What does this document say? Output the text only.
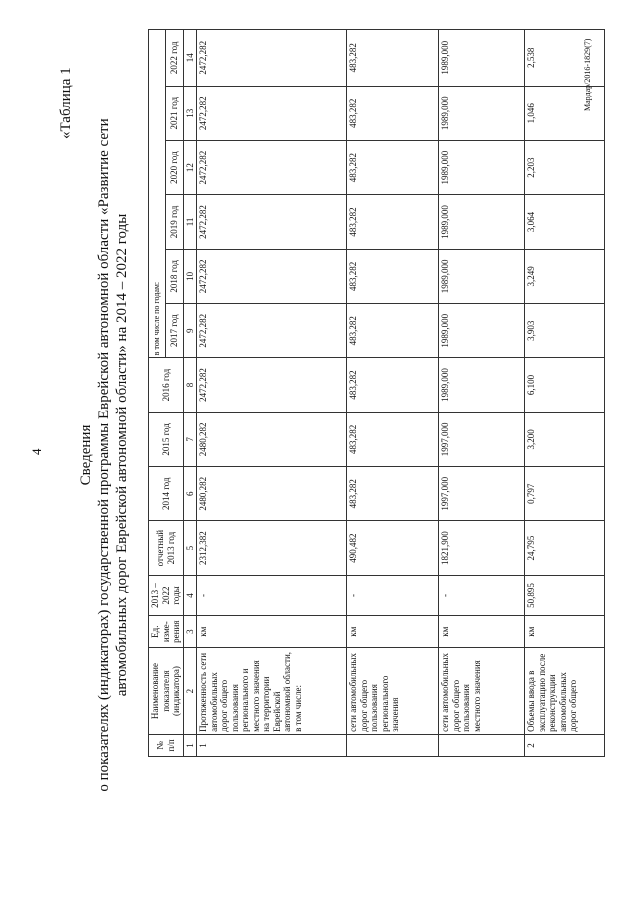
4
«Таблица 1
Сведения о показателях (индикаторах) государственной программы Еврейской автономной области «Развитие сети автомобильных дорог Еврейской автономной области» на 2014 – 2022 годы
№ п/п	Наименование показателя (индикатора)	Ед. изме-рения	2013 – 2022 годы	отчетный 2013 год	2014 год	2015 год	2016 год	в том числе по годам:					
								2017 год	2018 год	2019 год	2020 год	2021 год	2022 год
1	2	3	4	5	6	7	8	9	10	11	12	13	14
1	Протяженность сети автомобильных дорог общего пользования регионального и местного значения на территории Еврейской автономной области, в том числе:	км	-	2312,382	2480,282	2480,282	2472,282	2472,282	2472,282	2472,282	2472,282	2472,282	2472,282
	сети автомобильных дорог общего пользования регионального значения	км	-	490,482	483,282	483,282	483,282	483,282	483,282	483,282	483,282	483,282	483,282
	сети автомобильных дорог общего пользования местного значения	км	-	1821,900	1997,000	1997,000	1989,000	1989,000	1989,000	1989,000	1989,000	1989,000	1989,000
2	Объемы ввода в эксплуатацию после реконструкции автомобильных дорог общего	км	50,895	24,795	0,797	3,200	6,100	3,903	3,249	3,064	2,203	1,046	2,538	Мардар/2016-1829(7)
